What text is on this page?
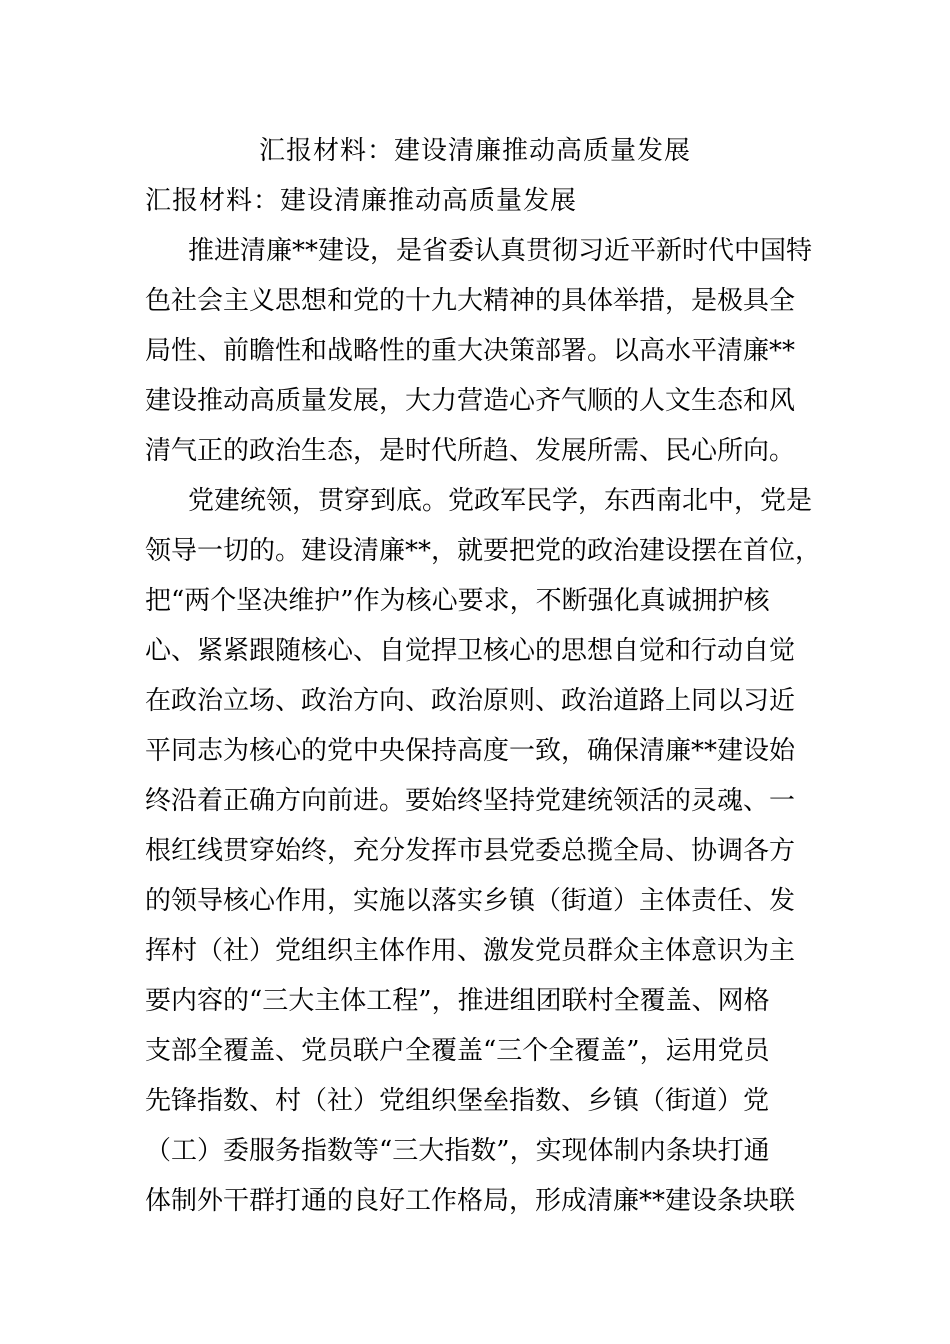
汇报材料：建设清廉推动高质量发展
汇报材料：建设清廉推动高质量发展
推进清廉**建设，是省委认真贯彻习近平新时代中国特
色社会主义思想和党的十九大精神的具体举措，是极具全
局性、前瞻性和战略性的重大决策部署。以高水平清廉**
建设推动高质量发展，大力营造心齐气顺的人文生态和风
清气正的政治生态，是时代所趋、发展所需、民心所向。
党建统领，贯穿到底。党政军民学，东西南北中，党是
领导一切的。建设清廉**，就要把党的政治建设摆在首位，
把“两个坚决维护”作为核心要求，不断强化真诚拥护核
心、紧紧跟随核心、自觉捍卫核心的思想自觉和行动自觉
在政治立场、政治方向、政治原则、政治道路上同以习近
平同志为核心的党中央保持高度一致，确保清廉**建设始
终沿着正确方向前进。要始终坚持党建统领活的灵魂、一
根红线贯穿始终，充分发挥市县党委总揽全局、协调各方
的领导核心作用，实施以落实乡镇（街道）主体责任、发
挥村（社）党组织主体作用、激发党员群众主体意识为主
要内容的“三大主体工程”，推进组团联村全覆盖、网格
支部全覆盖、党员联户全覆盖“三个全覆盖”，运用党员
先锋指数、村（社）党组织堡垒指数、乡镇（街道）党
（工）委服务指数等“三大指数”，实现体制内条块打通
体制外干群打通的良好工作格局，形成清廉**建设条块联
